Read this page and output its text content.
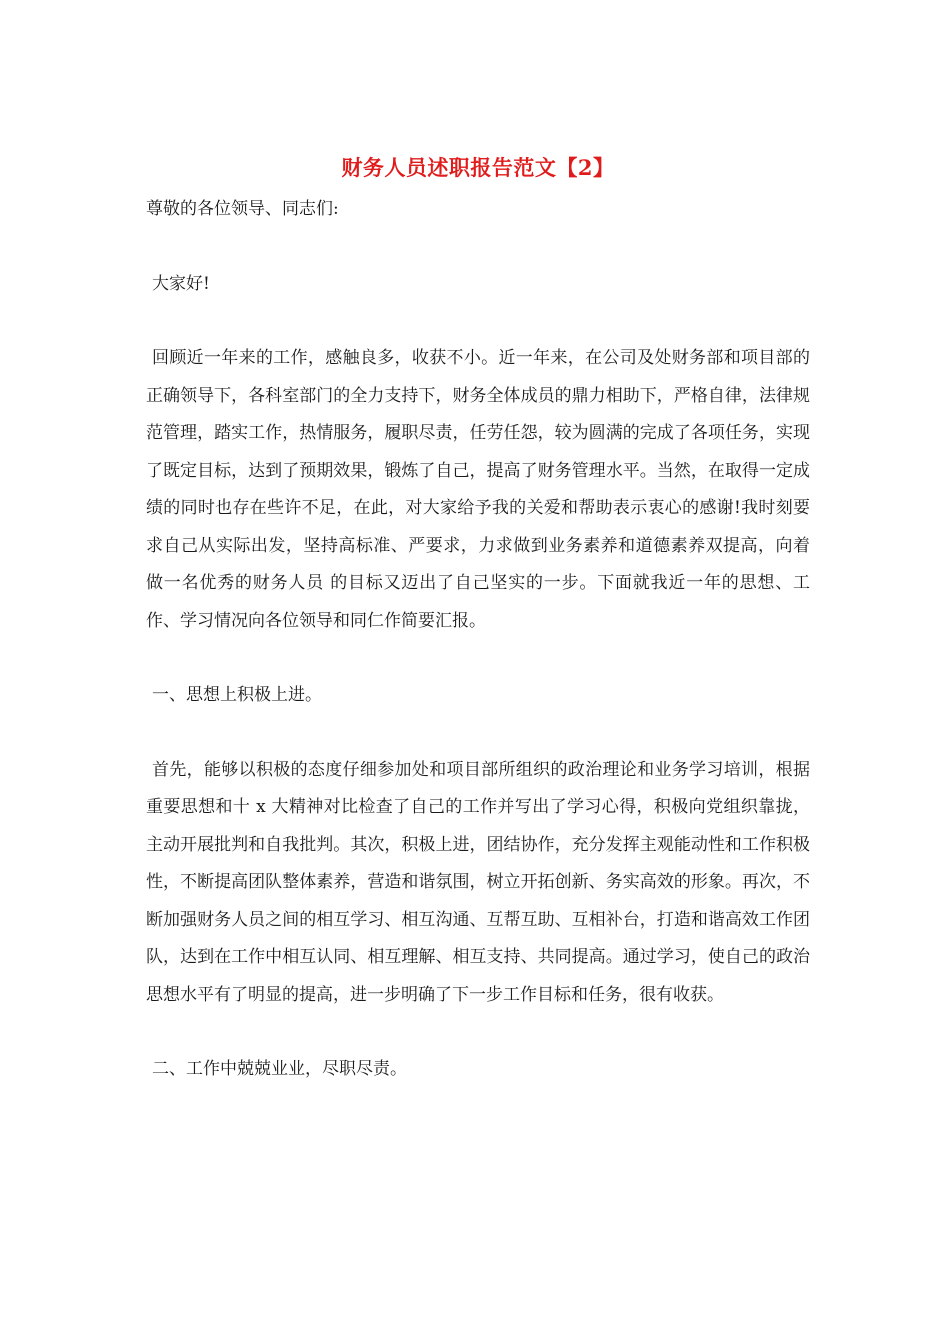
财务人员述职报告范文【2】

尊敬的各位领导、同志们:

大家好!

回顾近一年来的工作，感触良多，收获不小。近一年来，在公司及处财务部和项目部的正确领导下，各科室部门的全力支持下，财务全体成员的鼎力相助下，严格自律，法律规范管理，踏实工作，热情服务，履职尽责，任劳任怨，较为圆满的完成了各项任务，实现了既定目标，达到了预期效果，锻炼了自己，提高了财务管理水平。当然，在取得一定成绩的同时也存在些许不足，在此，对大家给予我的关爱和帮助表示衷心的感谢!我时刻要求自己从实际出发，坚持高标准、严要求，力求做到业务素养和道德素养双提高，向着 做一名优秀的财务人员 的目标又迈出了自己坚实的一步。下面就我近一年的思想、工作、学习情况向各位领导和同仁作简要汇报。

一、思想上积极上进。

首先，能够以积极的态度仔细参加处和项目部所组织的政治理论和业务学习培训，根据重要思想和十 x 大精神对比检查了自己的工作并写出了学习心得，积极向党组织靠拢，主动开展批判和自我批判。其次，积极上进，团结协作，充分发挥主观能动性和工作积极性，不断提高团队整体素养，营造和谐氛围，树立开拓创新、务实高效的形象。再次，不断加强财务人员之间的相互学习、相互沟通、互帮互助、互相补台，打造和谐高效工作团队，达到在工作中相互认同、相互理解、相互支持、共同提高。通过学习，使自己的政治思想水平有了明显的提高，进一步明确了下一步工作目标和任务，很有收获。

二、工作中兢兢业业，尽职尽责。
